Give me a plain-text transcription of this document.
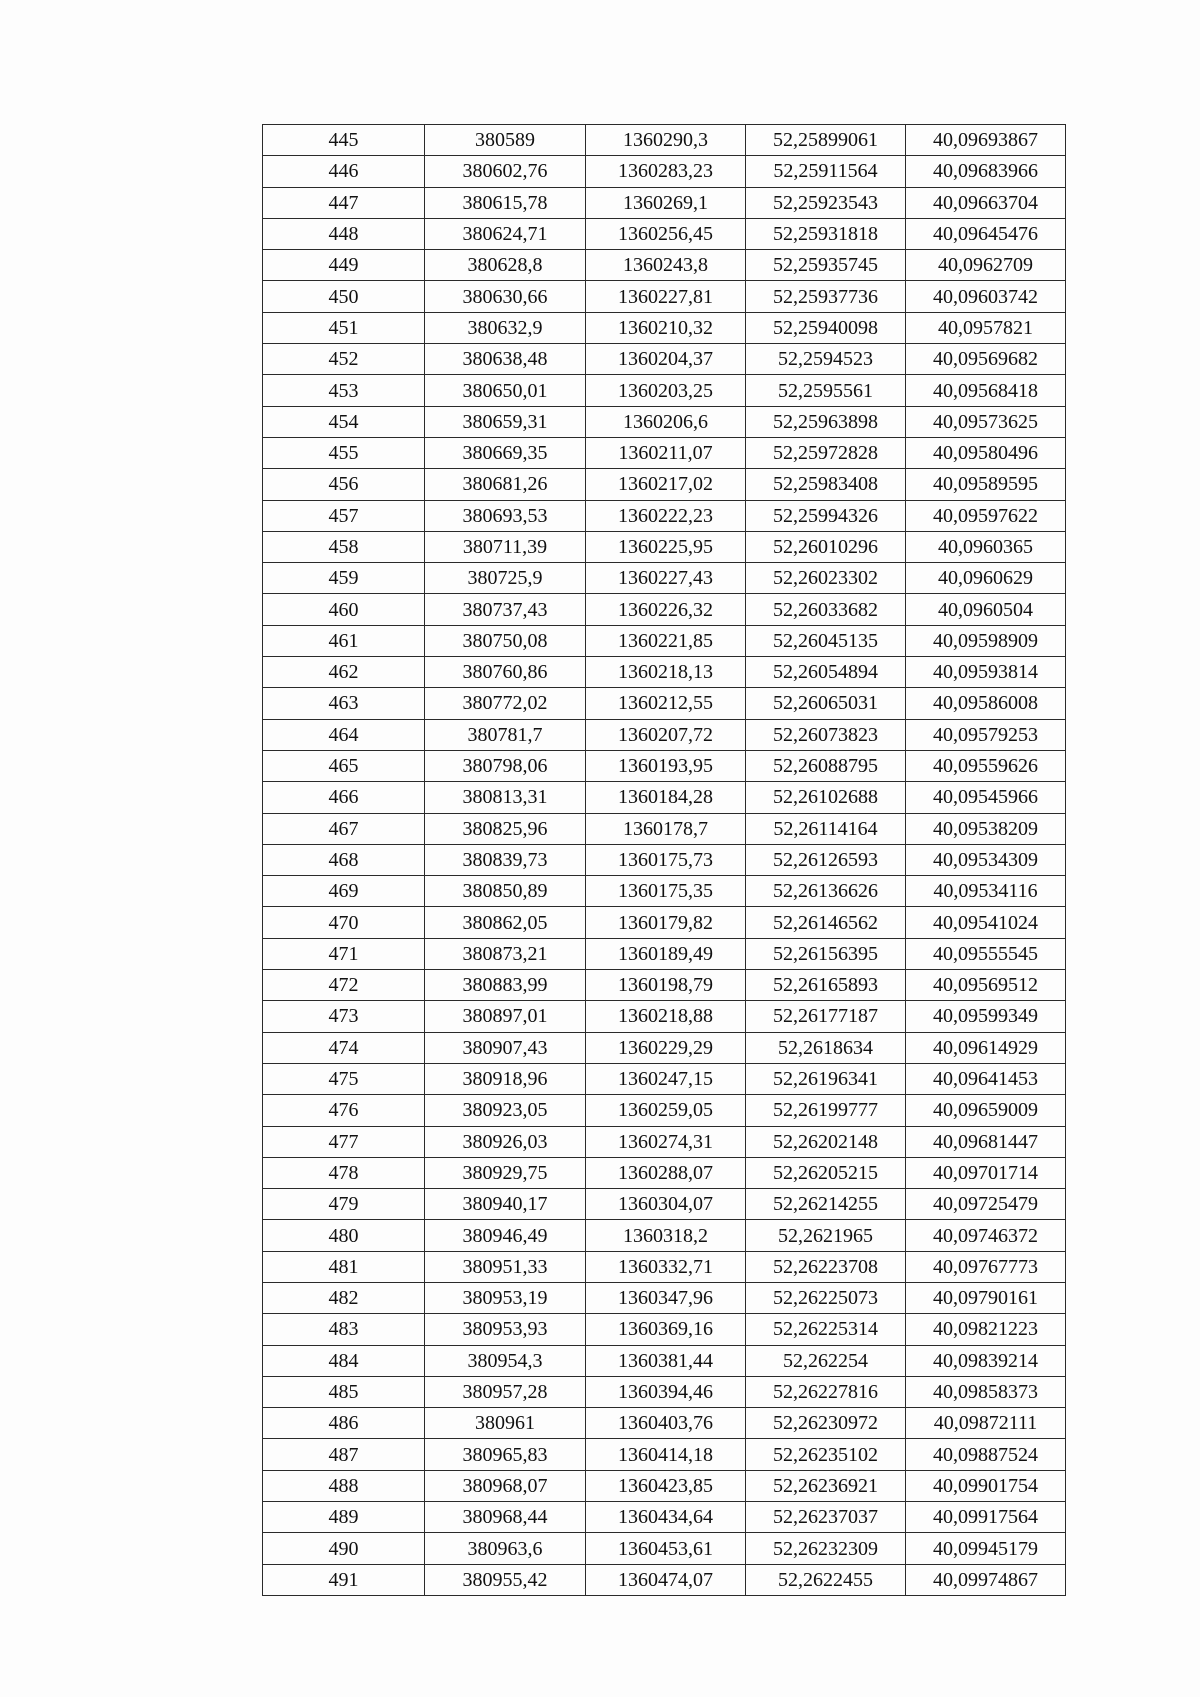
445	380589	1360290,3	52,25899061	40,09693867
446	380602,76	1360283,23	52,25911564	40,09683966
447	380615,78	1360269,1	52,25923543	40,09663704
448	380624,71	1360256,45	52,25931818	40,09645476
449	380628,8	1360243,8	52,25935745	40,0962709
450	380630,66	1360227,81	52,25937736	40,09603742
451	380632,9	1360210,32	52,25940098	40,0957821
452	380638,48	1360204,37	52,2594523	40,09569682
453	380650,01	1360203,25	52,2595561	40,09568418
454	380659,31	1360206,6	52,25963898	40,09573625
455	380669,35	1360211,07	52,25972828	40,09580496
456	380681,26	1360217,02	52,25983408	40,09589595
457	380693,53	1360222,23	52,25994326	40,09597622
458	380711,39	1360225,95	52,26010296	40,0960365
459	380725,9	1360227,43	52,26023302	40,0960629
460	380737,43	1360226,32	52,26033682	40,0960504
461	380750,08	1360221,85	52,26045135	40,09598909
462	380760,86	1360218,13	52,26054894	40,09593814
463	380772,02	1360212,55	52,26065031	40,09586008
464	380781,7	1360207,72	52,26073823	40,09579253
465	380798,06	1360193,95	52,26088795	40,09559626
466	380813,31	1360184,28	52,26102688	40,09545966
467	380825,96	1360178,7	52,26114164	40,09538209
468	380839,73	1360175,73	52,26126593	40,09534309
469	380850,89	1360175,35	52,26136626	40,09534116
470	380862,05	1360179,82	52,26146562	40,09541024
471	380873,21	1360189,49	52,26156395	40,09555545
472	380883,99	1360198,79	52,26165893	40,09569512
473	380897,01	1360218,88	52,26177187	40,09599349
474	380907,43	1360229,29	52,2618634	40,09614929
475	380918,96	1360247,15	52,26196341	40,09641453
476	380923,05	1360259,05	52,26199777	40,09659009
477	380926,03	1360274,31	52,26202148	40,09681447
478	380929,75	1360288,07	52,26205215	40,09701714
479	380940,17	1360304,07	52,26214255	40,09725479
480	380946,49	1360318,2	52,2621965	40,09746372
481	380951,33	1360332,71	52,26223708	40,09767773
482	380953,19	1360347,96	52,26225073	40,09790161
483	380953,93	1360369,16	52,26225314	40,09821223
484	380954,3	1360381,44	52,262254	40,09839214
485	380957,28	1360394,46	52,26227816	40,09858373
486	380961	1360403,76	52,26230972	40,09872111
487	380965,83	1360414,18	52,26235102	40,09887524
488	380968,07	1360423,85	52,26236921	40,09901754
489	380968,44	1360434,64	52,26237037	40,09917564
490	380963,6	1360453,61	52,26232309	40,09945179
491	380955,42	1360474,07	52,2622455	40,09974867
